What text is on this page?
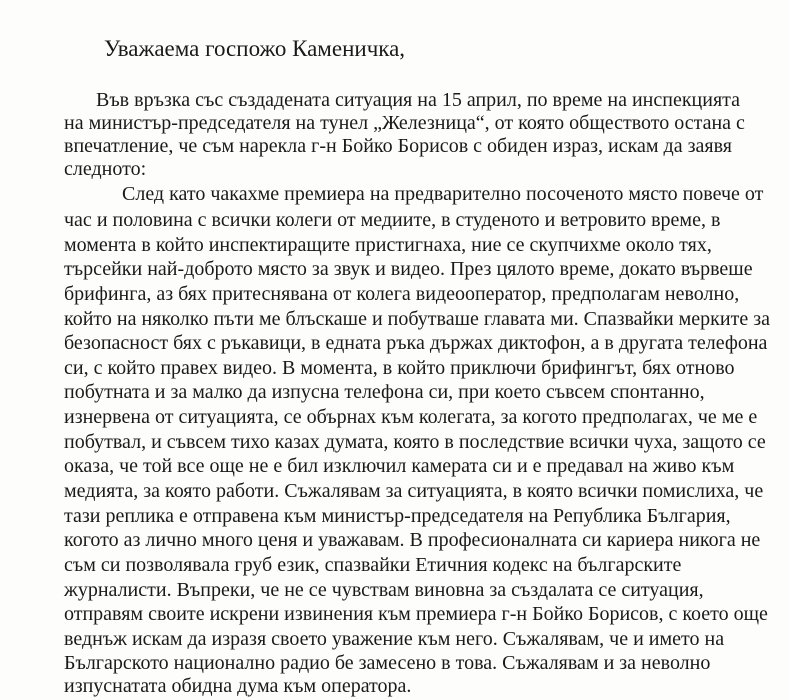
Уважаема госпожо Каменичка,
Във връзка със създадената ситуация на 15 април, по време на инспекцията
на министър-председателя на тунел „Железница“, от която обществото остана с
впечатление, че съм нарекла г-н Бойко Борисов с обиден израз, искам да заявя
следното:
След като чакахме премиера на предварително посоченото място повече от
час и половина с всички колеги от медиите, в студеното и ветровито време, в
момента в който инспектиращите пристигнаха, ние се скупчихме около тях,
търсейки най-доброто място за звук и видео. През цялото време, докато вървеше
брифинга, аз бях притеснявана от колега видеооператор, предполагам неволно,
който на няколко пъти ме блъскаше и побутваше главата ми. Спазвайки мерките за
безопасност бях с ръкавици, в едната ръка държах диктофон, а в другата телефона
си, с който правех видео. В момента, в който приключи брифингът, бях отново
побутната и за малко да изпусна телефона си, при което съвсем спонтанно,
изнервена от ситуацията, се обърнах към колегата, за когото предполагах, че ме е
побутвал, и съвсем тихо казах думата, която в последствие всички чуха, защото се
оказа, че той все още не е бил изключил камерата си и е предавал на живо към
медията, за която работи. Съжалявам за ситуацията, в която всички помислиха, че
тази реплика е отправена към министър-председателя на Република България,
когото аз лично много ценя и уважавам. В професионалната си кариера никога не
съм си позволявала груб език, спазвайки Етичния кодекс на българските
журналисти. Въпреки, че не се чувствам виновна за създалата се ситуация,
отправям своите искрени извинения към премиера г-н Бойко Борисов, с което още
веднъж искам да изразя своето уважение към него. Съжалявам, че и името на
Българското национално радио бе замесено в това. Съжалявам и за неволно
изпуснатата обидна дума към оператора.
